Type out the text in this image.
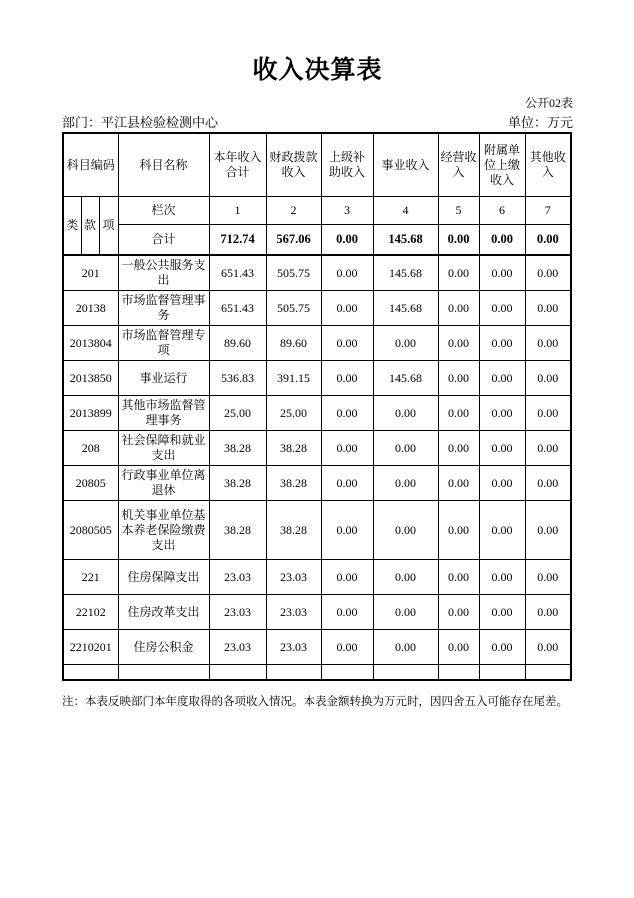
收入决算表
公开02表
部门：平江县检验检测中心	单位：万元
科目编码			科目名称	本年收入合计	财政拨款收入	上级补助收入	事业收入	经营收入	附属单位上缴收入	其他收入
类	款	项	栏次	1	2	3	4	5	6	7
			合计	712.74	567.06	0.00	145.68	0.00	0.00	0.00
201			一般公共服务支出	651.43	505.75	0.00	145.68	0.00	0.00	0.00
20138			市场监督管理事务	651.43	505.75	0.00	145.68	0.00	0.00	0.00
2013804			市场监督管理专项	89.60	89.60	0.00	0.00	0.00	0.00	0.00
2013850			事业运行	536.83	391.15	0.00	145.68	0.00	0.00	0.00
2013899			其他市场监督管理事务	25.00	25.00	0.00	0.00	0.00	0.00	0.00
208			社会保障和就业支出	38.28	38.28	0.00	0.00	0.00	0.00	0.00
20805			行政事业单位离退休	38.28	38.28	0.00	0.00	0.00	0.00	0.00
2080505			机关事业单位基本养老保险缴费支出	38.28	38.28	0.00	0.00	0.00	0.00	0.00
221			住房保障支出	23.03	23.03	0.00	0.00	0.00	0.00	0.00
22102			住房改革支出	23.03	23.03	0.00	0.00	0.00	0.00	0.00
2210201			住房公积金	23.03	23.03	0.00	0.00	0.00	0.00	0.00

注：本表反映部门本年度取得的各项收入情况。本表金额转换为万元时，因四舍五入可能存在尾差。
